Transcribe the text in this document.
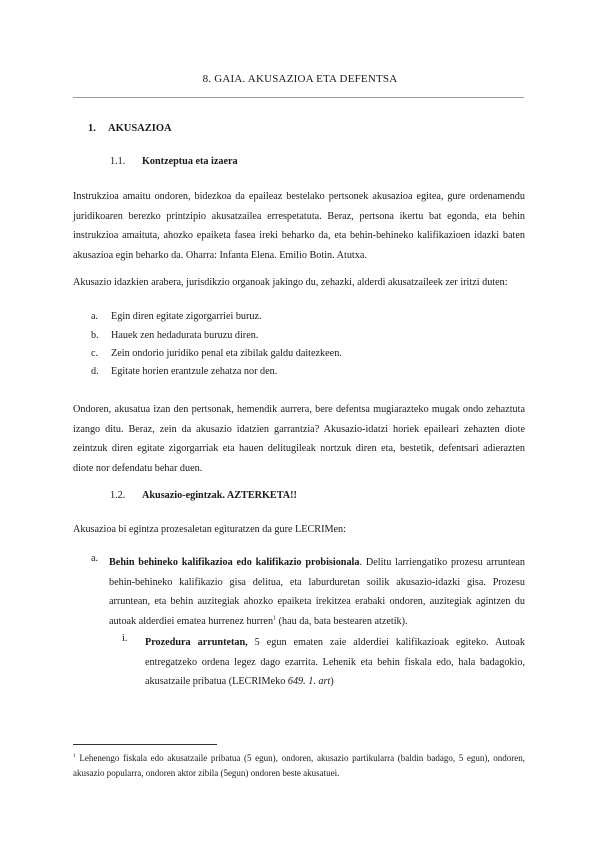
8. GAIA. AKUSAZIOA ETA DEFENTSA
1. AKUSAZIOA
1.1. Kontzeptua eta izaera
Instrukzioa amaitu ondoren, bidezkoa da epaileaz bestelako pertsonek akusazioa egitea, gure ordenamendu juridikoaren berezko printzipio akusatzailea errespetatuta. Beraz, pertsona ikertu bat egonda, eta behin instrukzioa amaituta, ahozko epaiketa fasea ireki beharko da, eta behin-behineko kalifikazioen idazki baten akusazioa egin beharko da. Oharra: Infanta Elena. Emilio Botin. Atutxa.
Akusazio idazkien arabera, jurisdikzio organoak jakingo du, zehazki, alderdi akusatzaileek zer iritzi duten:
a. Egin diren egitate zigorgarriei buruz.
b. Hauek zen hedadurata buruzu diren.
c. Zein ondorio juridiko penal eta zibilak galdu daitezkeen.
d. Egitate horien erantzule zehatza nor den.
Ondoren, akusatua izan den pertsonak, hemendik aurrera, bere defentsa mugiarazteko mugak ondo zehaztuta izango ditu. Beraz, zein da akusazio idatzien garrantzia? Akusazio-idatzi horiek epaileari zehazten diote zeintzuk diren egitate zigorgarriak eta hauen delitugileak nortzuk diren eta, bestetik, defentsari adierazten diote nor defendatu behar duen.
1.2. Akusazio-egintzak. AZTERKETA!!
Akusazioa bi egintza prozesaletan egituratzen da gure LECRIMen:
a. Behin behineko kalifikazioa edo kalifikazio probisionala. Delitu larriengatiko prozesu arruntean behin-behineko kalifikazio gisa delitua, eta laburduretan soilik akusazio-idazki gisa. Prozesu arruntean, eta behin auzitegiak ahozko epaiketa irekitzea erabaki ondoren, auzitegiak agintzen du autoak alderdiei ematea hurrenez hurren$^1$ (hau da, bata bestearen atzetik).
i. Prozedura arruntetan, 5 egun ematen zaie alderdiei kalifikazioak egiteko. Autoak entregatzeko ordena legez dago ezarrita. Lehenik eta behin fiskala edo, hala badagokio, akusatzaile pribatua (LECRIMeko 649. 1. art)
$^1$ Lehenengo fiskala edo akusatzaile pribatua (5 egun), ondoren, akusazio partikularra (baldin badago, 5 egun), ondoren, akusazio popularra, ondoren aktor zibila (5egun) ondoren beste akusatuei.
